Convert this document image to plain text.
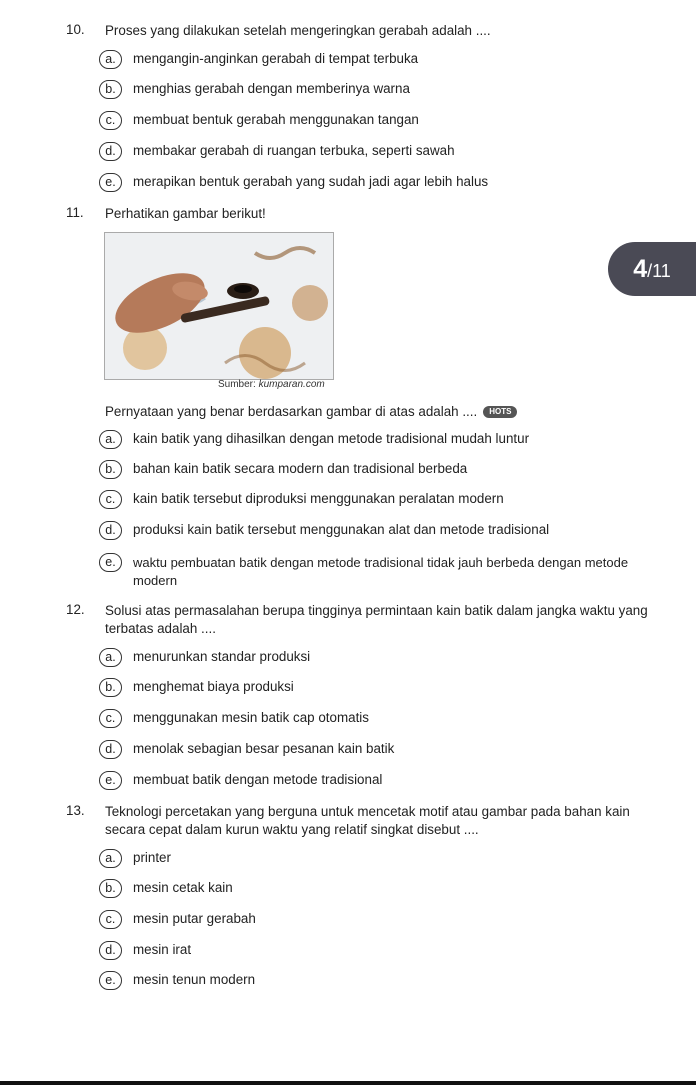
10. Proses yang dilakukan setelah mengeringkan gerabah adalah ....
a.	mengangin-anginkan gerabah di tempat terbuka
b.	menghias gerabah dengan memberinya warna
c.	membuat bentuk gerabah menggunakan tangan
d.	membakar gerabah di ruangan terbuka, seperti sawah
e.	merapikan bentuk gerabah yang sudah jadi agar lebih halus
11. Perhatikan gambar berikut!
Sumber: kumparan.com
Pernyataan yang benar berdasarkan gambar di atas adalah .... HOTS
a.	kain batik yang dihasilkan dengan metode tradisional mudah luntur
b.	bahan kain batik secara modern dan tradisional berbeda
c.	kain batik tersebut diproduksi menggunakan peralatan modern
d.	produksi kain batik tersebut menggunakan alat dan metode tradisional
e.	waktu pembuatan batik dengan metode tradisional tidak jauh berbeda dengan metode modern
12. Solusi atas permasalahan berupa tingginya permintaan kain batik dalam jangka waktu yang terbatas adalah ....
a.	menurunkan standar produksi
b.	menghemat biaya produksi
c.	menggunakan mesin batik cap otomatis
d.	menolak sebagian besar pesanan kain batik
e.	membuat batik dengan metode tradisional
13. Teknologi percetakan yang berguna untuk mencetak motif atau gambar pada bahan kain secara cepat dalam kurun waktu yang relatif singkat disebut ....
a.	printer
b.	mesin cetak kain
c.	mesin putar gerabah
d.	mesin irat
e.	mesin tenun modern
4/11
